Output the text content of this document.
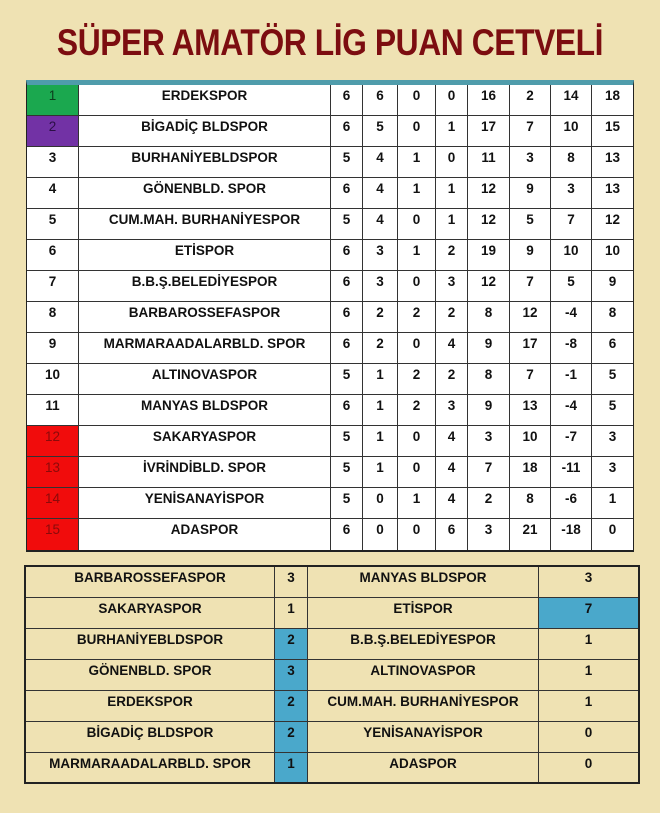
SÜPER AMATÖR LİG PUAN CETVELİ
1	ERDEKSPOR	6	6	0	0	16	2	14	18
2	BİGADİÇ BLDSPOR	6	5	0	1	17	7	10	15
3	BURHANİYEBLDSPOR	5	4	1	0	11	3	8	13
4	GÖNENBLD. SPOR	6	4	1	1	12	9	3	13
5	CUM.MAH. BURHANİYESPOR	5	4	0	1	12	5	7	12
6	ETİSPOR	6	3	1	2	19	9	10	10
7	B.B.Ş.BELEDİYESPOR	6	3	0	3	12	7	5	9
8	BARBAROSSEFASPOR	6	2	2	2	8	12	-4	8
9	MARMARAADALARBLD. SPOR	6	2	0	4	9	17	-8	6
10	ALTINOVASPOR	5	1	2	2	8	7	-1	5
11	MANYAS BLDSPOR	6	1	2	3	9	13	-4	5
12	SAKARYASPOR	5	1	0	4	3	10	-7	3
13	İVRİNDİBLD. SPOR	5	1	0	4	7	18	-11	3
14	YENİSANAYİSPOR	5	0	1	4	2	8	-6	1
15	ADASPOR	6	0	0	6	3	21	-18	0
BARBAROSSEFASPOR	3	MANYAS BLDSPOR	3
SAKARYASPOR	1	ETİSPOR	7
BURHANİYEBLDSPOR	2	B.B.Ş.BELEDİYESPOR	1
GÖNENBLD. SPOR	3	ALTINOVASPOR	1
ERDEKSPOR	2	CUM.MAH. BURHANİYESPOR	1
BİGADİÇ BLDSPOR	2	YENİSANAYİSPOR	0
MARMARAADALARBLD. SPOR	1	ADASPOR	0
